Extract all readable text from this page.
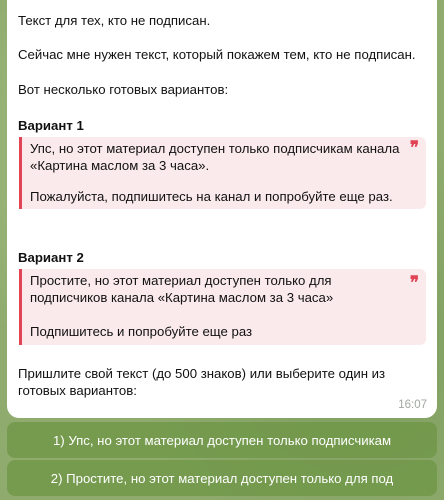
Текст для тех, кто не подписан.
Сейчас мне нужен текст, который покажем тем, кто не подписан.
Вот несколько готовых вариантов:
Вариант 1
❞
Упс, но этот материал доступен только подписчикам канала
«Картина маслом за 3 часа».
Пожалуйста, подпишитесь на канал и попробуйте еще раз.
Вариант 2
❞
Простите, но этот материал доступен только для
подписчиков канала «Картина маслом за 3 часа»
Подпишитесь и попробуйте еще раз
Пришлите свой текст (до 500 знаков) или выберите один из
готовых вариантов:
16:07
1) Упс, но этот материал доступен только подписчикам
2) Простите, но этот материал доступен только для под
